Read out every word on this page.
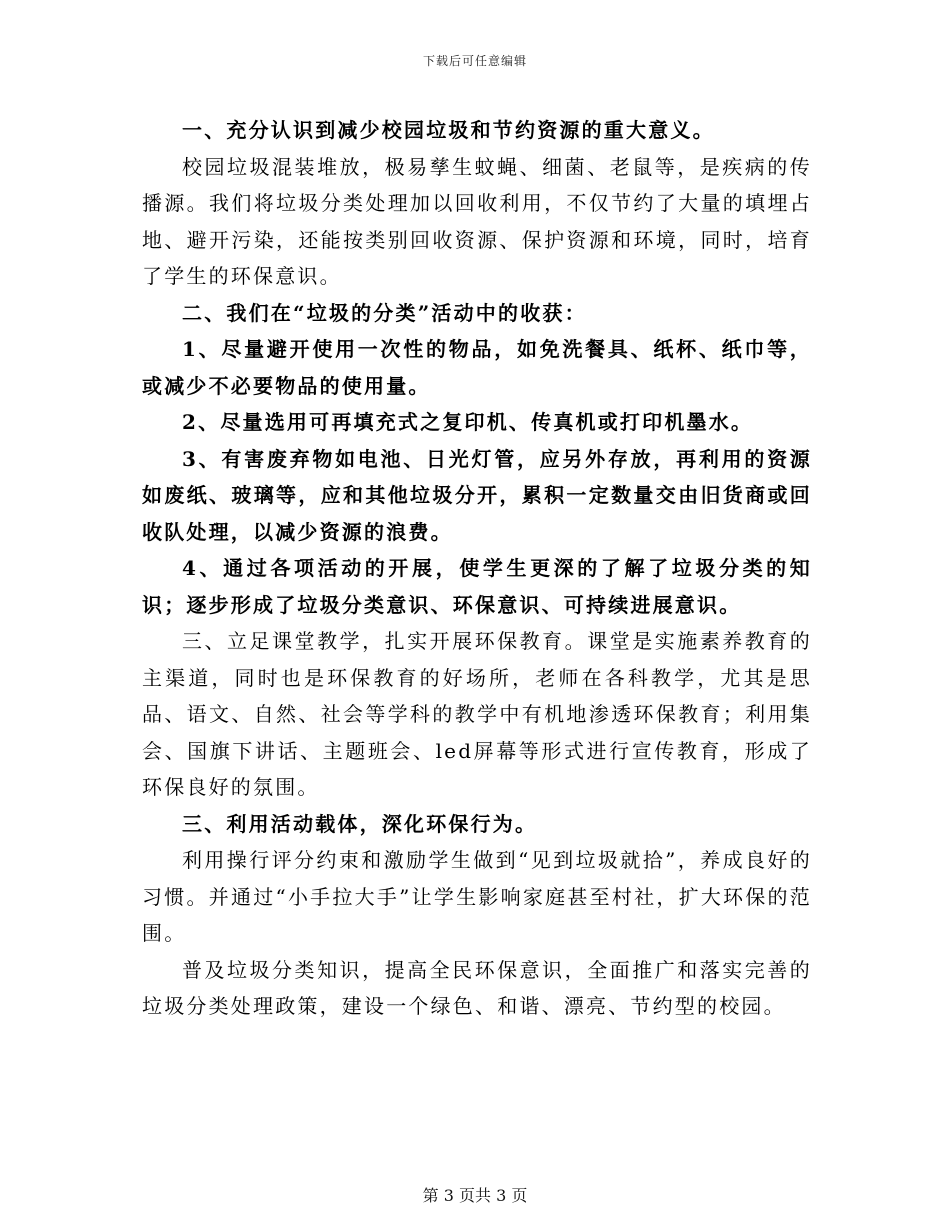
下载后可任意编辑

一、充分认识到减少校园垃圾和节约资源的重大意义。

校园垃圾混装堆放，极易孳生蚊蝇、细菌、老鼠等，是疾病的传播源。我们将垃圾分类处理加以回收利用，不仅节约了大量的填埋占地、避开污染，还能按类别回收资源、保护资源和环境，同时，培育了学生的环保意识。

二、我们在“垃圾的分类”活动中的收获：

1、尽量避开使用一次性的物品，如免洗餐具、纸杯、纸巾等，或减少不必要物品的使用量。

2、尽量选用可再填充式之复印机、传真机或打印机墨水。

3、有害废弃物如电池、日光灯管，应另外存放，再利用的资源如废纸、玻璃等，应和其他垃圾分开，累积一定数量交由旧货商或回收队处理，以减少资源的浪费。

4、通过各项活动的开展，使学生更深的了解了垃圾分类的知识；逐步形成了垃圾分类意识、环保意识、可持续进展意识。

三、立足课堂教学，扎实开展环保教育。课堂是实施素养教育的主渠道，同时也是环保教育的好场所，老师在各科教学，尤其是思品、语文、自然、社会等学科的教学中有机地渗透环保教育；利用集会、国旗下讲话、主题班会、led屏幕等形式进行宣传教育，形成了环保良好的氛围。

三、利用活动载体，深化环保行为。

利用操行评分约束和激励学生做到“见到垃圾就拾”，养成良好的习惯。并通过“小手拉大手”让学生影响家庭甚至村社，扩大环保的范围。

普及垃圾分类知识，提高全民环保意识，全面推广和落实完善的垃圾分类处理政策，建设一个绿色、和谐、漂亮、节约型的校园。

第 3 页共 3 页
